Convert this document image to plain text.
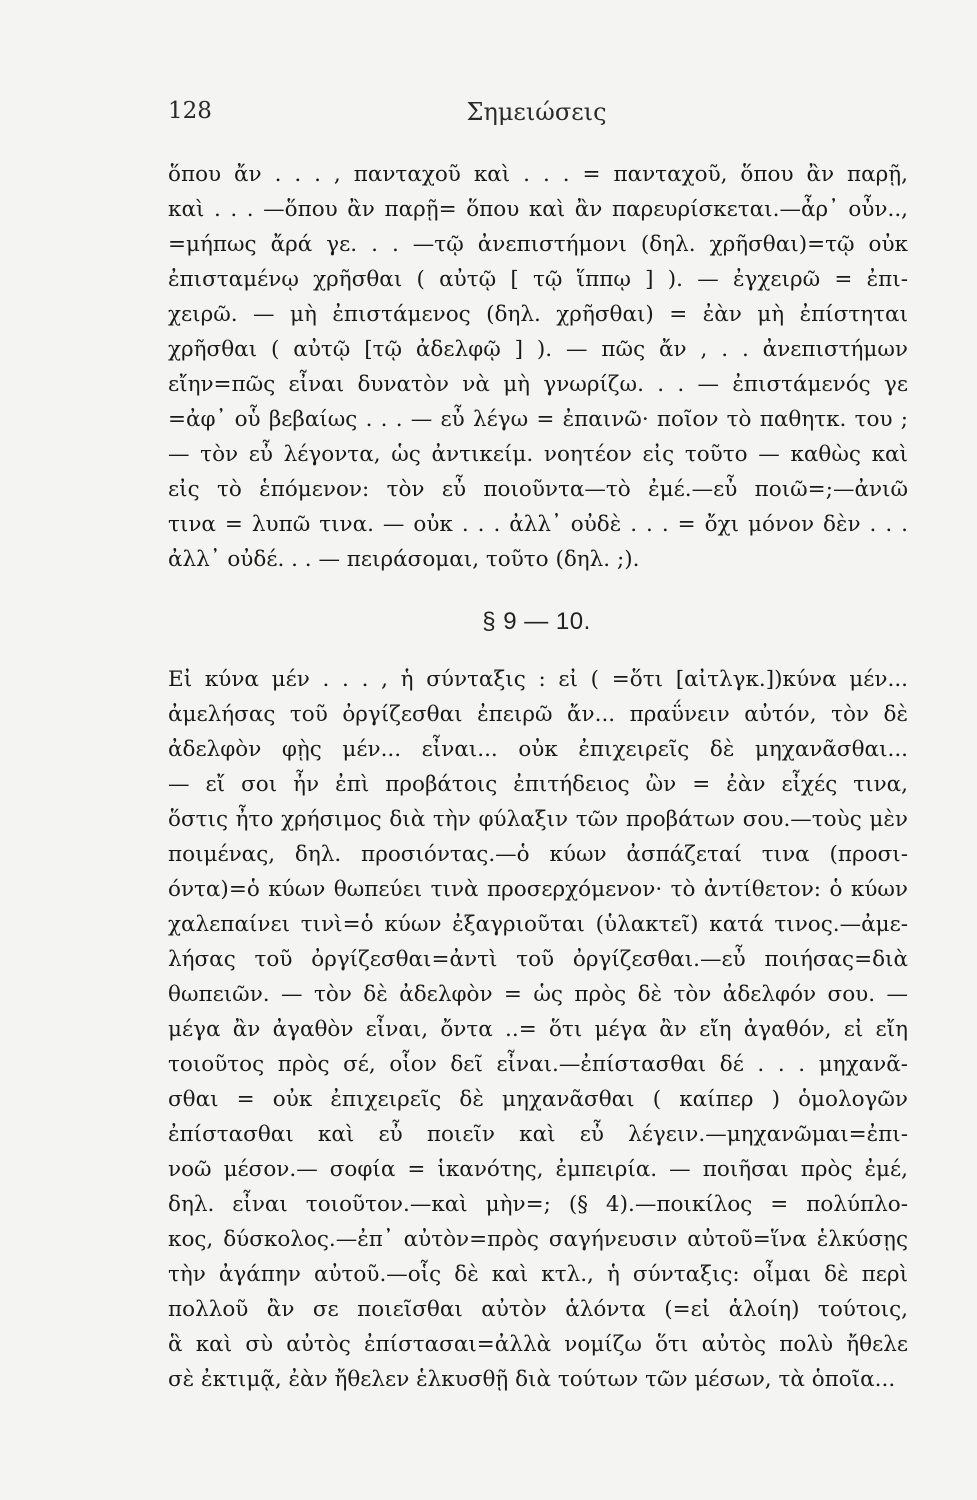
128	Σημειώσεις
ὅπου ἄν . . . , πανταχοῦ καὶ . . . = πανταχοῦ, ὅπου ἂν παρῇ,
καὶ . . . —ὅπου ἂν παρῇ= ὅπου καὶ ἂν παρευρίσκεται.—ἆρ᾽ οὖν..,
=μήπως ἄρά γε. . . —τῷ ἀνεπιστήμονι (δηλ. χρῆσθαι)=τῷ οὐκ
ἐπισταμένῳ χρῆσθαι ( αὐτῷ [ τῷ ἵππῳ ] ). — ἐγχειρῶ = ἐπι-
χειρῶ. — μὴ ἐπιστάμενος (δηλ. χρῆσθαι) = ἐὰν μὴ ἐπίστηται
χρῆσθαι ( αὐτῷ [τῷ ἀδελφῷ ] ). — πῶς ἄν , . . ἀνεπιστήμων
εἴην=πῶς εἶναι δυνατὸν νὰ μὴ γνωρίζω. . . — ἐπιστάμενός γε
=ἀφ᾽ οὗ βεβαίως . . . — εὖ λέγω = ἐπαινῶ· ποῖον τὸ παθητκ. του ;
— τὸν εὖ λέγοντα, ὡς ἀντικείμ. νοητέον εἰς τοῦτο — καθὼς καὶ
εἰς τὸ ἑπόμενον: τὸν εὖ ποιοῦντα—τὸ ἐμέ.—εὖ ποιῶ=;—ἀνιῶ
τινα = λυπῶ τινα. — οὐκ . . . ἀλλ᾽ οὐδὲ . . . = ὄχι μόνον δὲν . . .
ἀλλ᾽ οὐδέ. . . — πειράσομαι, τοῦτο (δηλ. ;).
§ 9 — 10.
Εἰ κύνα μέν . . . , ἡ σύνταξις : εἰ ( =ὅτι [αἰτλγκ.])κύνα μέν...
ἀμελήσας τοῦ ὀργίζεσθαι ἐπειρῶ ἄν... πραΰνειν αὐτόν, τὸν δὲ
ἀδελφὸν φῂς μέν... εἶναι... οὐκ ἐπιχειρεῖς δὲ μηχανᾶσθαι...
— εἴ σοι ἦν ἐπὶ προβάτοις ἐπιτήδειος ὢν = ἐὰν εἶχές τινα,
ὅστις ἦτο χρήσιμος διὰ τὴν φύλαξιν τῶν προβάτων σου.—τοὺς μὲν
ποιμένας, δηλ. προσιόντας.—ὁ κύων ἀσπάζεταί τινα (προσι-
όντα)=ὁ κύων θωπεύει τινὰ προσερχόμενον· τὸ ἀντίθετον: ὁ κύων
χαλεπαίνει τινὶ=ὁ κύων ἐξαγριοῦται (ὑλακτεῖ) κατά τινος.—ἀμε-
λήσας τοῦ ὀργίζεσθαι=ἀντὶ τοῦ ὀργίζεσθαι.—εὖ ποιήσας=διὰ
θωπειῶν. — τὸν δὲ ἀδελφὸν = ὡς πρὸς δὲ τὸν ἀδελφόν σου. —
μέγα ἂν ἀγαθὸν εἶναι, ὄντα ..= ὅτι μέγα ἂν εἴη ἀγαθόν, εἰ εἴη
τοιοῦτος πρὸς σέ, οἷον δεῖ εἶναι.—ἐπίστασθαι δέ . . . μηχανᾶ-
σθαι = οὐκ ἐπιχειρεῖς δὲ μηχανᾶσθαι ( καίπερ ) ὁμολογῶν
ἐπίστασθαι καὶ εὖ ποιεῖν καὶ εὖ λέγειν.—μηχανῶμαι=ἐπι-
νοῶ μέσον.— σοφία = ἱκανότης, ἐμπειρία. — ποιῆσαι πρὸς ἐμέ,
δηλ. εἶναι τοιοῦτον.—καὶ μὴν=; (§ 4).—ποικίλος = πολύπλο-
κος, δύσκολος.—ἐπ᾽ αὐτὸν=πρὸς σαγήνευσιν αὐτοῦ=ἵνα ἑλκύσῃς
τὴν ἀγάπην αὐτοῦ.—οἷς δὲ καὶ κτλ., ἡ σύνταξις: οἶμαι δὲ περὶ
πολλοῦ ἂν σε ποιεῖσθαι αὐτὸν ἁλόντα (=εἰ ἁλοίη) τούτοις,
ἃ καὶ σὺ αὐτὸς ἐπίστασαι=ἀλλὰ νομίζω ὅτι αὐτὸς πολὺ ἤθελε
σὲ ἐκτιμᾷ, ἐὰν ἤθελεν ἑλκυσθῇ διὰ τούτων τῶν μέσων, τὰ ὁποῖα...
